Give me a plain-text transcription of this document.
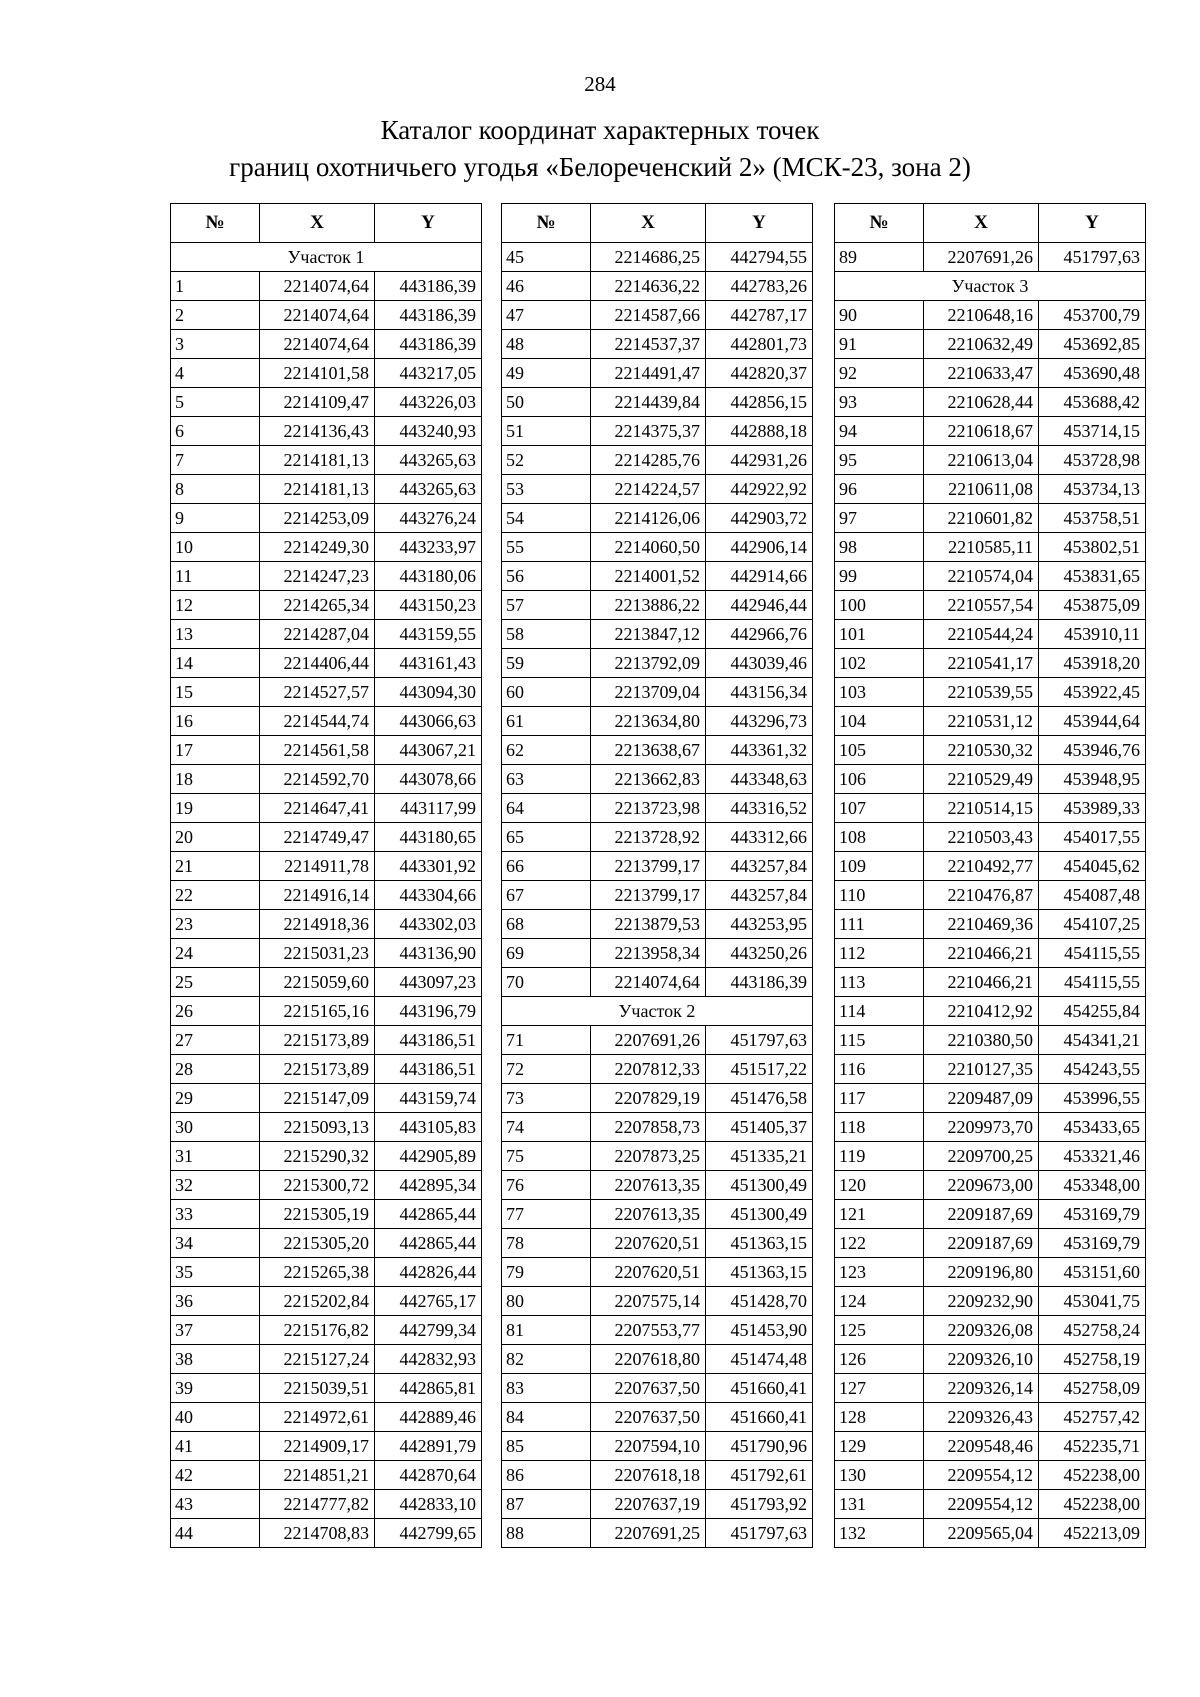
284
Каталог координат характерных точек
границ охотничьего угодья «Белореченский 2» (МСК-23, зона 2)
№	X	Y
Участок 1		
1	2214074,64	443186,39
2	2214074,64	443186,39
3	2214074,64	443186,39
4	2214101,58	443217,05
5	2214109,47	443226,03
6	2214136,43	443240,93
7	2214181,13	443265,63
8	2214181,13	443265,63
9	2214253,09	443276,24
10	2214249,30	443233,97
11	2214247,23	443180,06
12	2214265,34	443150,23
13	2214287,04	443159,55
14	2214406,44	443161,43
15	2214527,57	443094,30
16	2214544,74	443066,63
17	2214561,58	443067,21
18	2214592,70	443078,66
19	2214647,41	443117,99
20	2214749,47	443180,65
21	2214911,78	443301,92
22	2214916,14	443304,66
23	2214918,36	443302,03
24	2215031,23	443136,90
25	2215059,60	443097,23
26	2215165,16	443196,79
27	2215173,89	443186,51
28	2215173,89	443186,51
29	2215147,09	443159,74
30	2215093,13	443105,83
31	2215290,32	442905,89
32	2215300,72	442895,34
33	2215305,19	442865,44
34	2215305,20	442865,44
35	2215265,38	442826,44
36	2215202,84	442765,17
37	2215176,82	442799,34
38	2215127,24	442832,93
39	2215039,51	442865,81
40	2214972,61	442889,46
41	2214909,17	442891,79
42	2214851,21	442870,64
43	2214777,82	442833,10
44	2214708,83	442799,65
№	X	Y
45	2214686,25	442794,55
46	2214636,22	442783,26
47	2214587,66	442787,17
48	2214537,37	442801,73
49	2214491,47	442820,37
50	2214439,84	442856,15
51	2214375,37	442888,18
52	2214285,76	442931,26
53	2214224,57	442922,92
54	2214126,06	442903,72
55	2214060,50	442906,14
56	2214001,52	442914,66
57	2213886,22	442946,44
58	2213847,12	442966,76
59	2213792,09	443039,46
60	2213709,04	443156,34
61	2213634,80	443296,73
62	2213638,67	443361,32
63	2213662,83	443348,63
64	2213723,98	443316,52
65	2213728,92	443312,66
66	2213799,17	443257,84
67	2213799,17	443257,84
68	2213879,53	443253,95
69	2213958,34	443250,26
70	2214074,64	443186,39
Участок 2		
71	2207691,26	451797,63
72	2207812,33	451517,22
73	2207829,19	451476,58
74	2207858,73	451405,37
75	2207873,25	451335,21
76	2207613,35	451300,49
77	2207613,35	451300,49
78	2207620,51	451363,15
79	2207620,51	451363,15
80	2207575,14	451428,70
81	2207553,77	451453,90
82	2207618,80	451474,48
83	2207637,50	451660,41
84	2207637,50	451660,41
85	2207594,10	451790,96
86	2207618,18	451792,61
87	2207637,19	451793,92
88	2207691,25	451797,63
№	X	Y
89	2207691,26	451797,63
Участок 3		
90	2210648,16	453700,79
91	2210632,49	453692,85
92	2210633,47	453690,48
93	2210628,44	453688,42
94	2210618,67	453714,15
95	2210613,04	453728,98
96	2210611,08	453734,13
97	2210601,82	453758,51
98	2210585,11	453802,51
99	2210574,04	453831,65
100	2210557,54	453875,09
101	2210544,24	453910,11
102	2210541,17	453918,20
103	2210539,55	453922,45
104	2210531,12	453944,64
105	2210530,32	453946,76
106	2210529,49	453948,95
107	2210514,15	453989,33
108	2210503,43	454017,55
109	2210492,77	454045,62
110	2210476,87	454087,48
111	2210469,36	454107,25
112	2210466,21	454115,55
113	2210466,21	454115,55
114	2210412,92	454255,84
115	2210380,50	454341,21
116	2210127,35	454243,55
117	2209487,09	453996,55
118	2209973,70	453433,65
119	2209700,25	453321,46
120	2209673,00	453348,00
121	2209187,69	453169,79
122	2209187,69	453169,79
123	2209196,80	453151,60
124	2209232,90	453041,75
125	2209326,08	452758,24
126	2209326,10	452758,19
127	2209326,14	452758,09
128	2209326,43	452757,42
129	2209548,46	452235,71
130	2209554,12	452238,00
131	2209554,12	452238,00
132	2209565,04	452213,09
